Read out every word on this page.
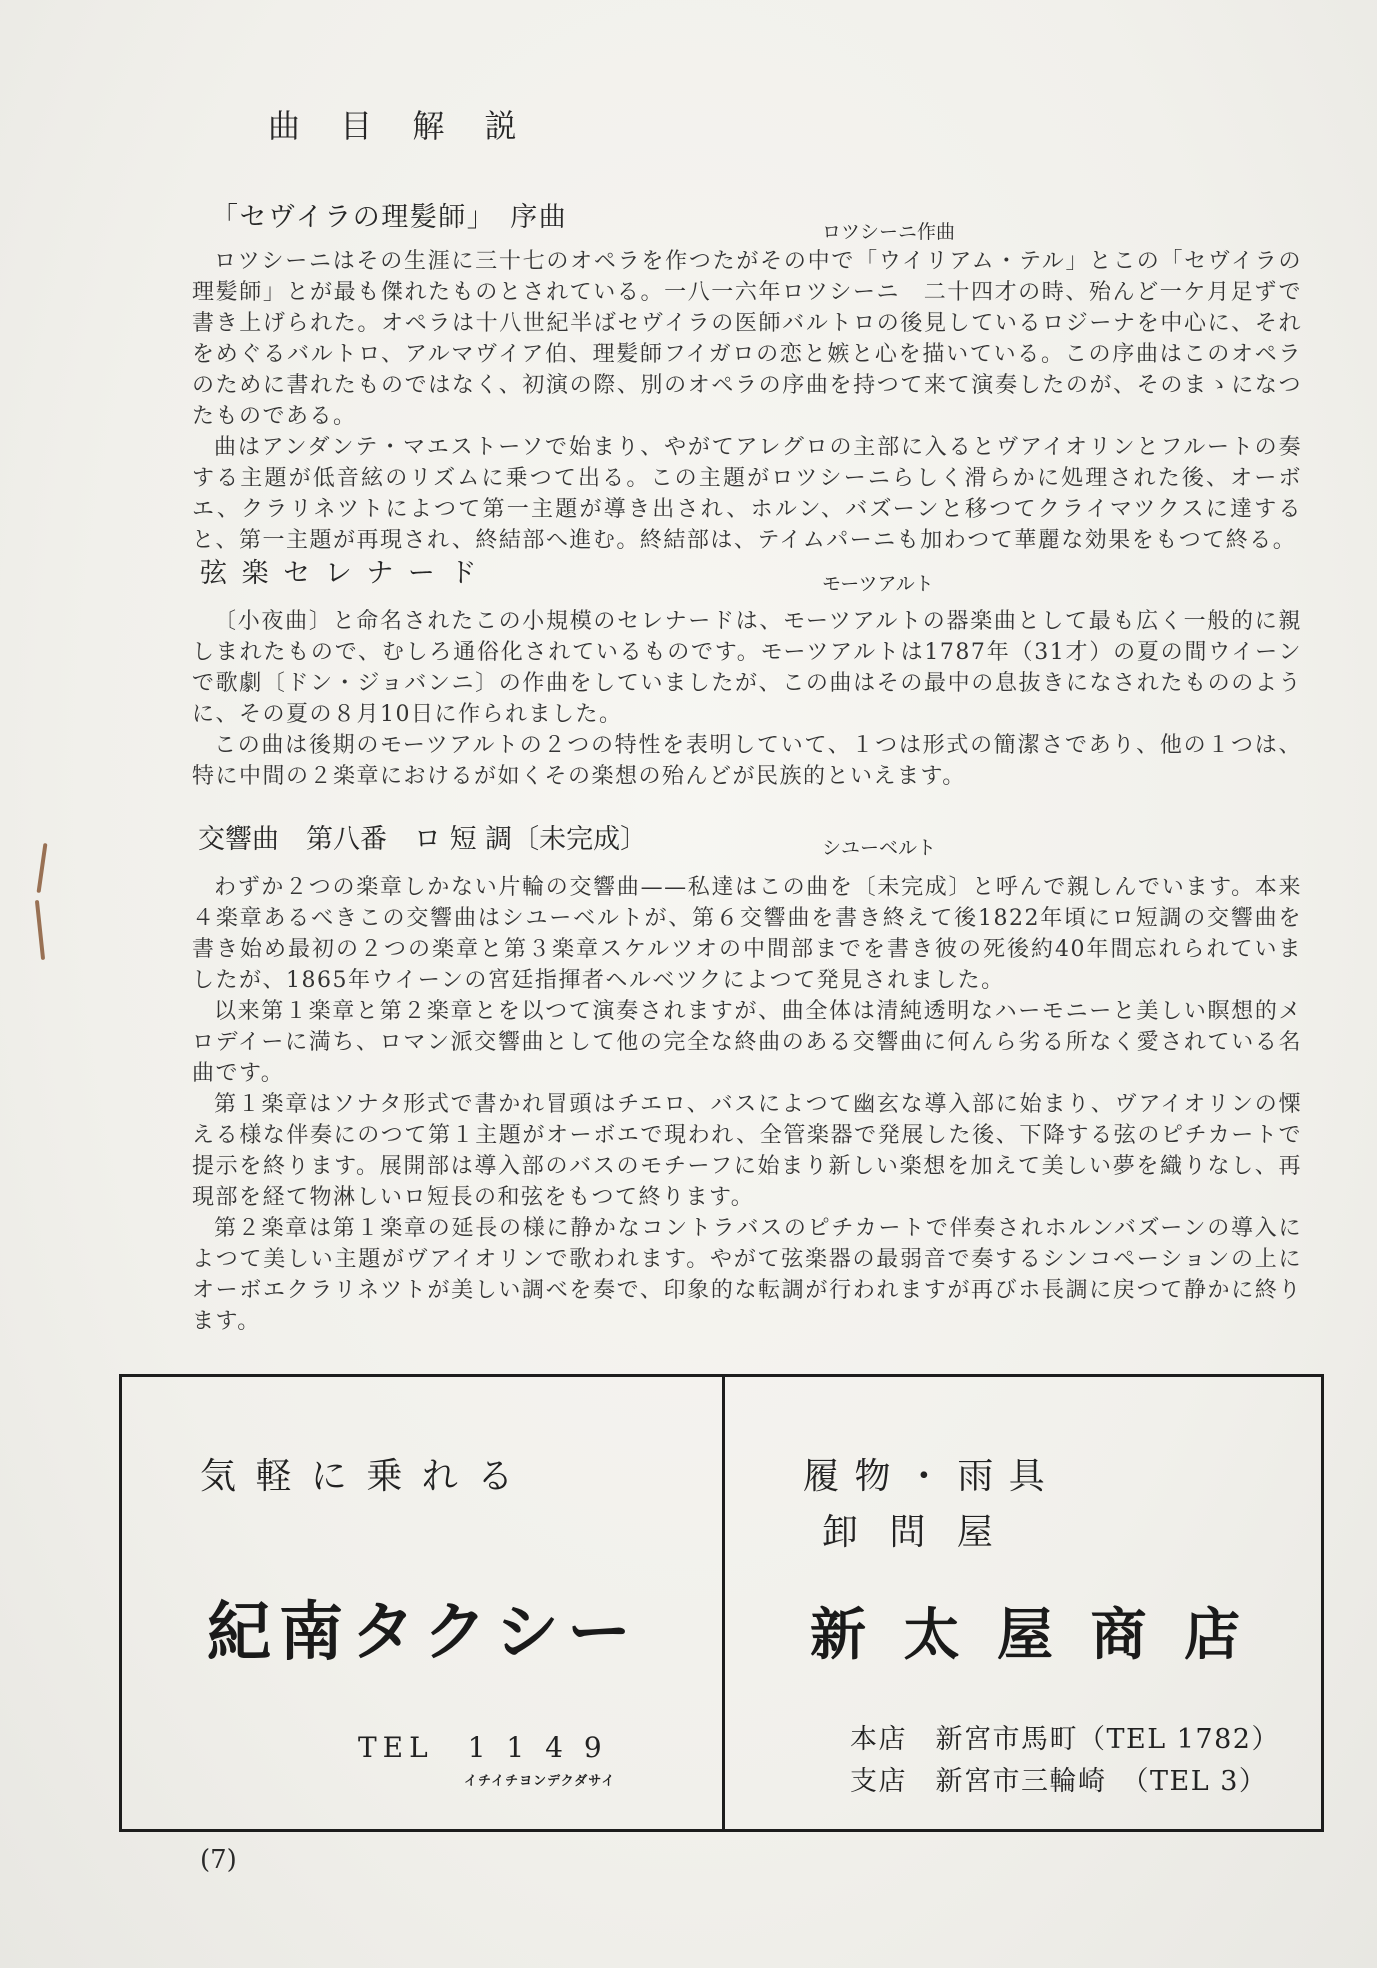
曲 目 解 説
「セヴイラの理髪師」　序曲	ロツシーニ作曲

ロツシーニはその生涯に三十七のオペラを作つたがその中で「ウイリアム・テル」とこの「セヴイラの理髪師」とが最も傑れたものとされている。一八一六年ロツシーニ　二十四才の時、殆んど一ケ月足ずで書き上げられた。オペラは十八世紀半ばセヴイラの医師バルトロの後見しているロジーナを中心に、それをめぐるバルトロ、アルマヴイア伯、理髪師フイガロの恋と嫉と心を描いている。この序曲はこのオペラのために書れたものではなく、初演の際、別のオペラの序曲を持つて来て演奏したのが、そのまゝになつたものである。

曲はアンダンテ・マエストーソで始まり、やがてアレグロの主部に入るとヴアイオリンとフルートの奏する主題が低音絃のリズムに乗つて出る。この主題がロツシーニらしく滑らかに処理された後、オーボエ、クラリネツトによつて第一主題が導き出され、ホルン、バズーンと移つてクライマツクスに達すると、第一主題が再現され、終結部へ進む。終結部は、テイムパーニも加わつて華麗な効果をもつて終る。

弦 楽 セ レ ナ ー ド	モーツアルト

〔小夜曲〕と命名されたこの小規模のセレナードは、モーツアルトの器楽曲として最も広く一般的に親しまれたもので、むしろ通俗化されているものです。モーツアルトは1787年（31才）の夏の間ウイーンで歌劇〔ドン・ジョバンニ〕の作曲をしていましたが、この曲はその最中の息抜きになされたもののように、その夏の８月10日に作られました。

この曲は後期のモーツアルトの２つの特性を表明していて、１つは形式の簡潔さであり、他の１つは、特に中間の２楽章におけるが如くその楽想の殆んどが民族的といえます。

交響曲　第八番　ロ 短 調〔未完成〕	シユーベルト

わずか２つの楽章しかない片輪の交響曲——私達はこの曲を〔未完成〕と呼んで親しんでいます。本来４楽章あるべきこの交響曲はシユーベルトが、第６交響曲を書き終えて後1822年頃にロ短調の交響曲を書き始め最初の２つの楽章と第３楽章スケルツオの中間部までを書き彼の死後約40年間忘れられていましたが、1865年ウイーンの宮廷指揮者ヘルベツクによつて発見されました。

以来第１楽章と第２楽章とを以つて演奏されますが、曲全体は清純透明なハーモニーと美しい瞑想的メロデイーに満ち、ロマン派交響曲として他の完全な終曲のある交響曲に何んら劣る所なく愛されている名曲です。

第１楽章はソナタ形式で書かれ冒頭はチエロ、バスによつて幽玄な導入部に始まり、ヴアイオリンの慄える様な伴奏にのつて第１主題がオーボエで現われ、全管楽器で発展した後、下降する弦のピチカートで提示を終ります。展開部は導入部のバスのモチーフに始まり新しい楽想を加えて美しい夢を織りなし、再現部を経て物淋しいロ短長の和弦をもつて終ります。

第２楽章は第１楽章の延長の様に静かなコントラバスのピチカートで伴奏されホルンバズーンの導入によつて美しい主題がヴアイオリンで歌われます。やがて弦楽器の最弱音で奏するシンコペーションの上にオーボエクラリネツトが美しい調べを奏で、印象的な転調が行われますが再びホ長調に戻つて静かに終ります。

気 軽 に 乗 れ る
紀南タクシー
TEL　1 1 4 9
イチイチヨンデクダサイ
履 物 ・ 雨 具
卸 問 屋
新 太 屋 商 店
本店　新宮市馬町（TEL 1782）
支店　新宮市三輪崎　（TEL 3）
(7)
